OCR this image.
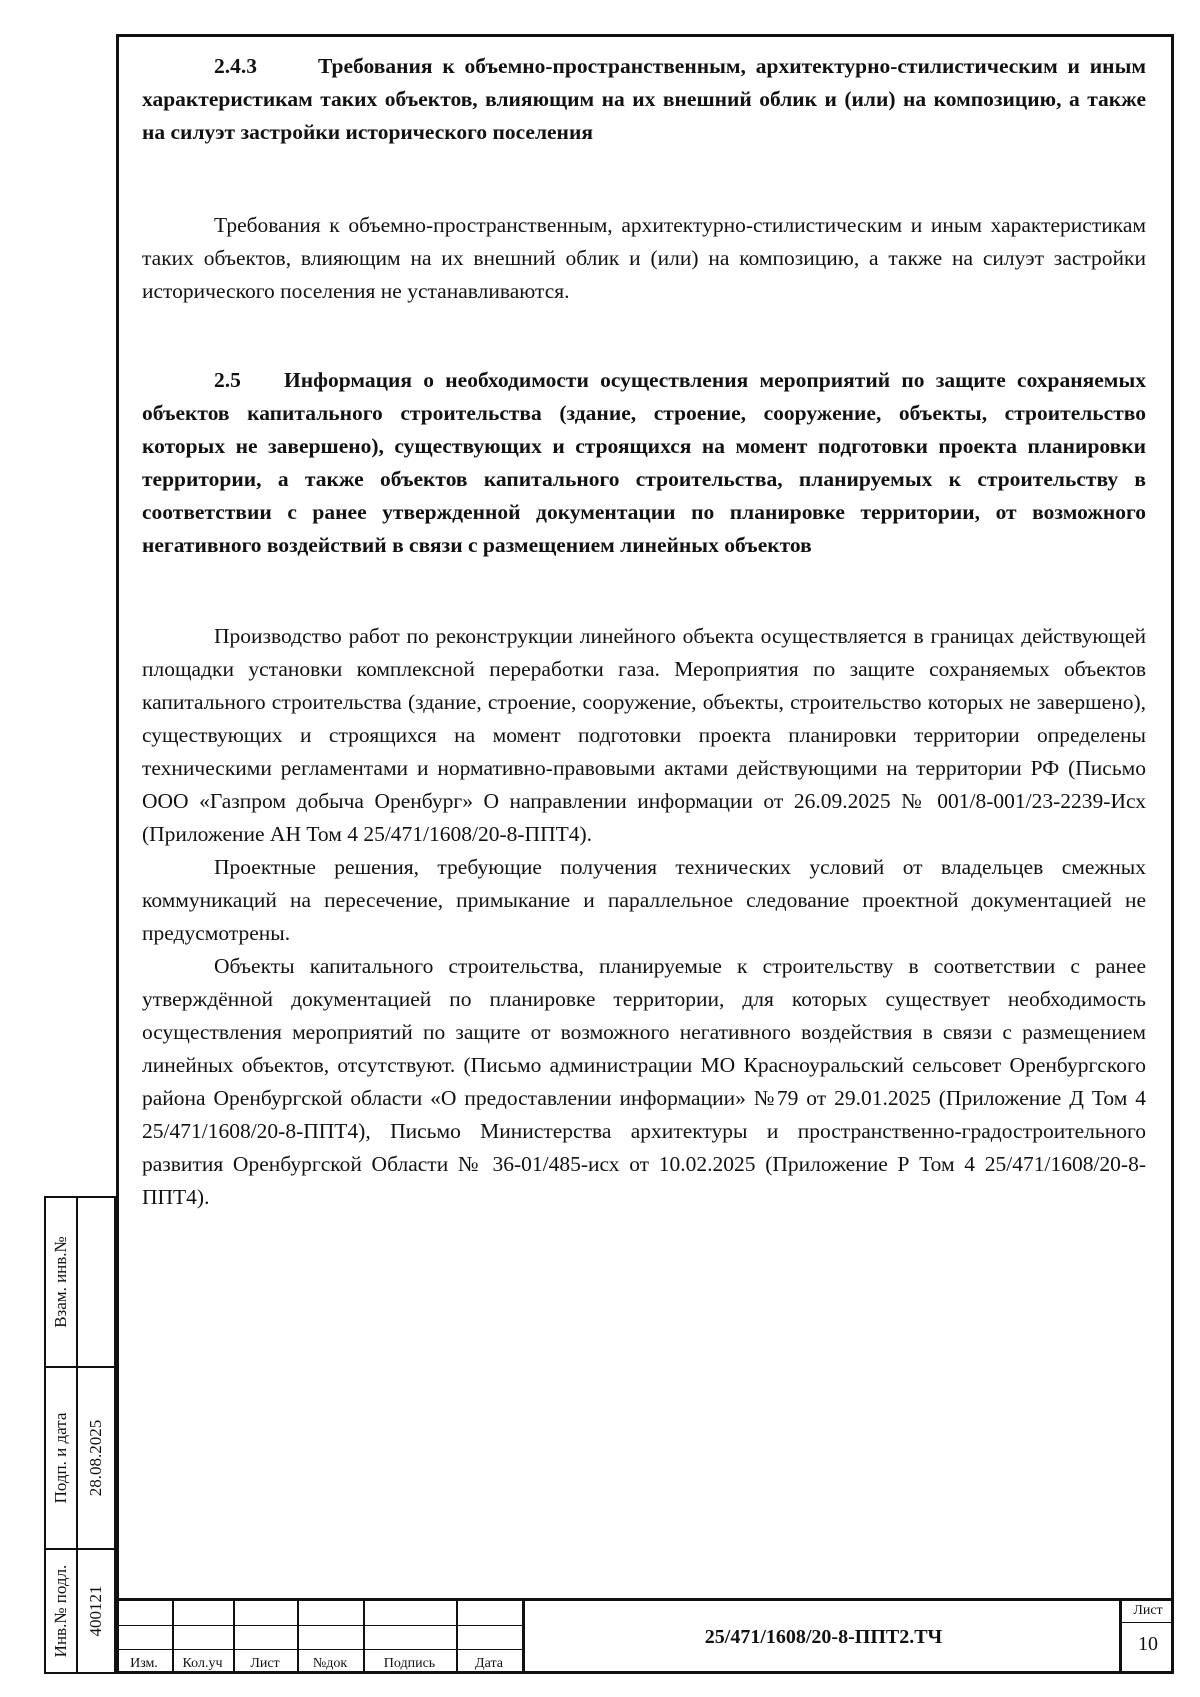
2.4.3	Требования к объемно-пространственным, архитектурно-стилистическим и иным характеристикам таких объектов, влияющим на их внешний облик и (или) на композицию, а также на силуэт застройки исторического поселения

Требования к объемно-пространственным, архитектурно-стилистическим и иным характеристикам таких объектов, влияющим на их внешний облик и (или) на композицию, а также на силуэт застройки исторического поселения не устанавливаются.

2.5 Информация о необходимости осуществления мероприятий по защите сохраняемых объектов капитального строительства (здание, строение, сооружение, объекты, строительство которых не завершено), существующих и строящихся на момент подготовки проекта планировки территории, а также объектов капитального строительства, планируемых к строительству в соответствии с ранее утвержденной документации по планировке территории, от возможного негативного воздействий в связи с размещением линейных объектов

Производство работ по реконструкции линейного объекта осуществляется в границах действующей площадки установки комплексной переработки газа. Мероприятия по защите сохраняемых объектов капитального строительства (здание, строение, сооружение, объекты, строительство которых не завершено), существующих и строящихся на момент подготовки проекта планировки территории определены техническими регламентами и нормативно-правовыми актами действующими на территории РФ (Письмо ООО «Газпром добыча Оренбург» О направлении информации от 26.09.2025 № 001/8-001/23-2239-Исх (Приложение АН Том 4 25/471/1608/20-8-ППТ4).

Проектные решения, требующие получения технических условий от владельцев смежных коммуникаций на пересечение, примыкание и параллельное следование проектной документацией не предусмотрены.

Объекты капитального строительства, планируемые к строительству в соответствии с ранее утверждённой документацией по планировке территории, для которых существует необходимость осуществления мероприятий по защите от возможного негативного воздействия в связи с размещением линейных объектов, отсутствуют. (Письмо администрации МО Красноуральский сельсовет Оренбургского района Оренбургской области «О предоставлении информации» №79 от 29.01.2025 (Приложение Д Том 4 25/471/1608/20-8-ППТ4), Письмо Министерства архитектуры и пространственно-градостроительного развития Оренбургской Области № 36-01/485-исх от 10.02.2025 (Приложение Р Том 4 25/471/1608/20-8-ППТ4).

Взам. инв.№
Подп. и дата 28.08.2025
Инв.№ подл. 400121
Изм.	Кол.уч	Лист	№док	Подпись	Дата
25/471/1608/20-8-ППТ2.ТЧ
Лист
10
